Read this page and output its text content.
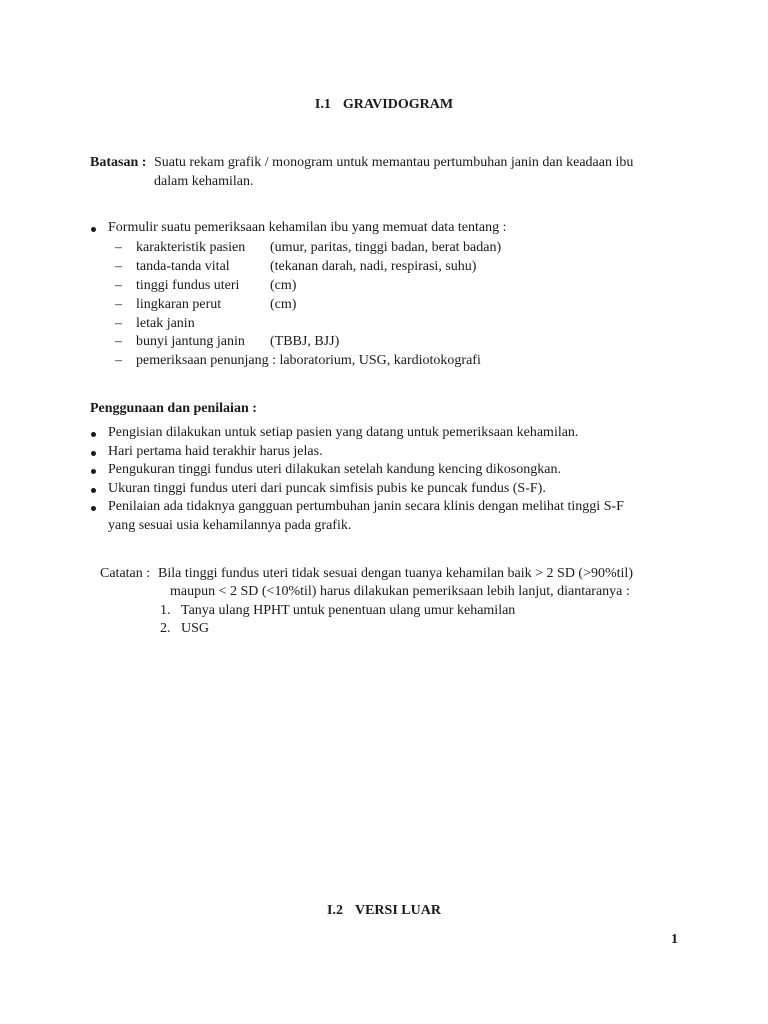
I.1 GRAVIDOGRAM
Batasan : Suatu rekam grafik / monogram untuk memantau pertumbuhan janin dan keadaan ibu
dalam kehamilan.
Formulir suatu pemeriksaan kehamilan ibu yang memuat data tentang :
– karakteristik pasien (umur, paritas, tinggi badan, berat badan)
– tanda-tanda vital	(tekanan darah, nadi, respirasi, suhu)
– tinggi fundus uteri (cm)
– lingkaran perut	(cm)
– letak janin
– bunyi jantung janin (TBBJ, BJJ)
– pemeriksaan penunjang : laboratorium, USG, kardiotokografi
Penggunaan dan penilaian :
Pengisian dilakukan untuk setiap pasien yang datang untuk pemeriksaan kehamilan.
Hari pertama haid terakhir harus jelas.
Pengukuran tinggi fundus uteri dilakukan setelah kandung kencing dikosongkan.
Ukuran tinggi fundus uteri dari puncak simfisis pubis ke puncak fundus (S-F).
Penilaian ada tidaknya gangguan pertumbuhan janin secara klinis dengan melihat tinggi S-F
yang sesuai usia kehamilannya pada grafik.
Catatan : Bila tinggi fundus uteri tidak sesuai dengan tuanya kehamilan baik > 2 SD (>90%til)
maupun < 2 SD (<10%til) harus dilakukan pemeriksaan lebih lanjut, diantaranya :
1. Tanya ulang HPHT untuk penentuan ulang umur kehamilan
2. USG
I.2 VERSI LUAR
1
